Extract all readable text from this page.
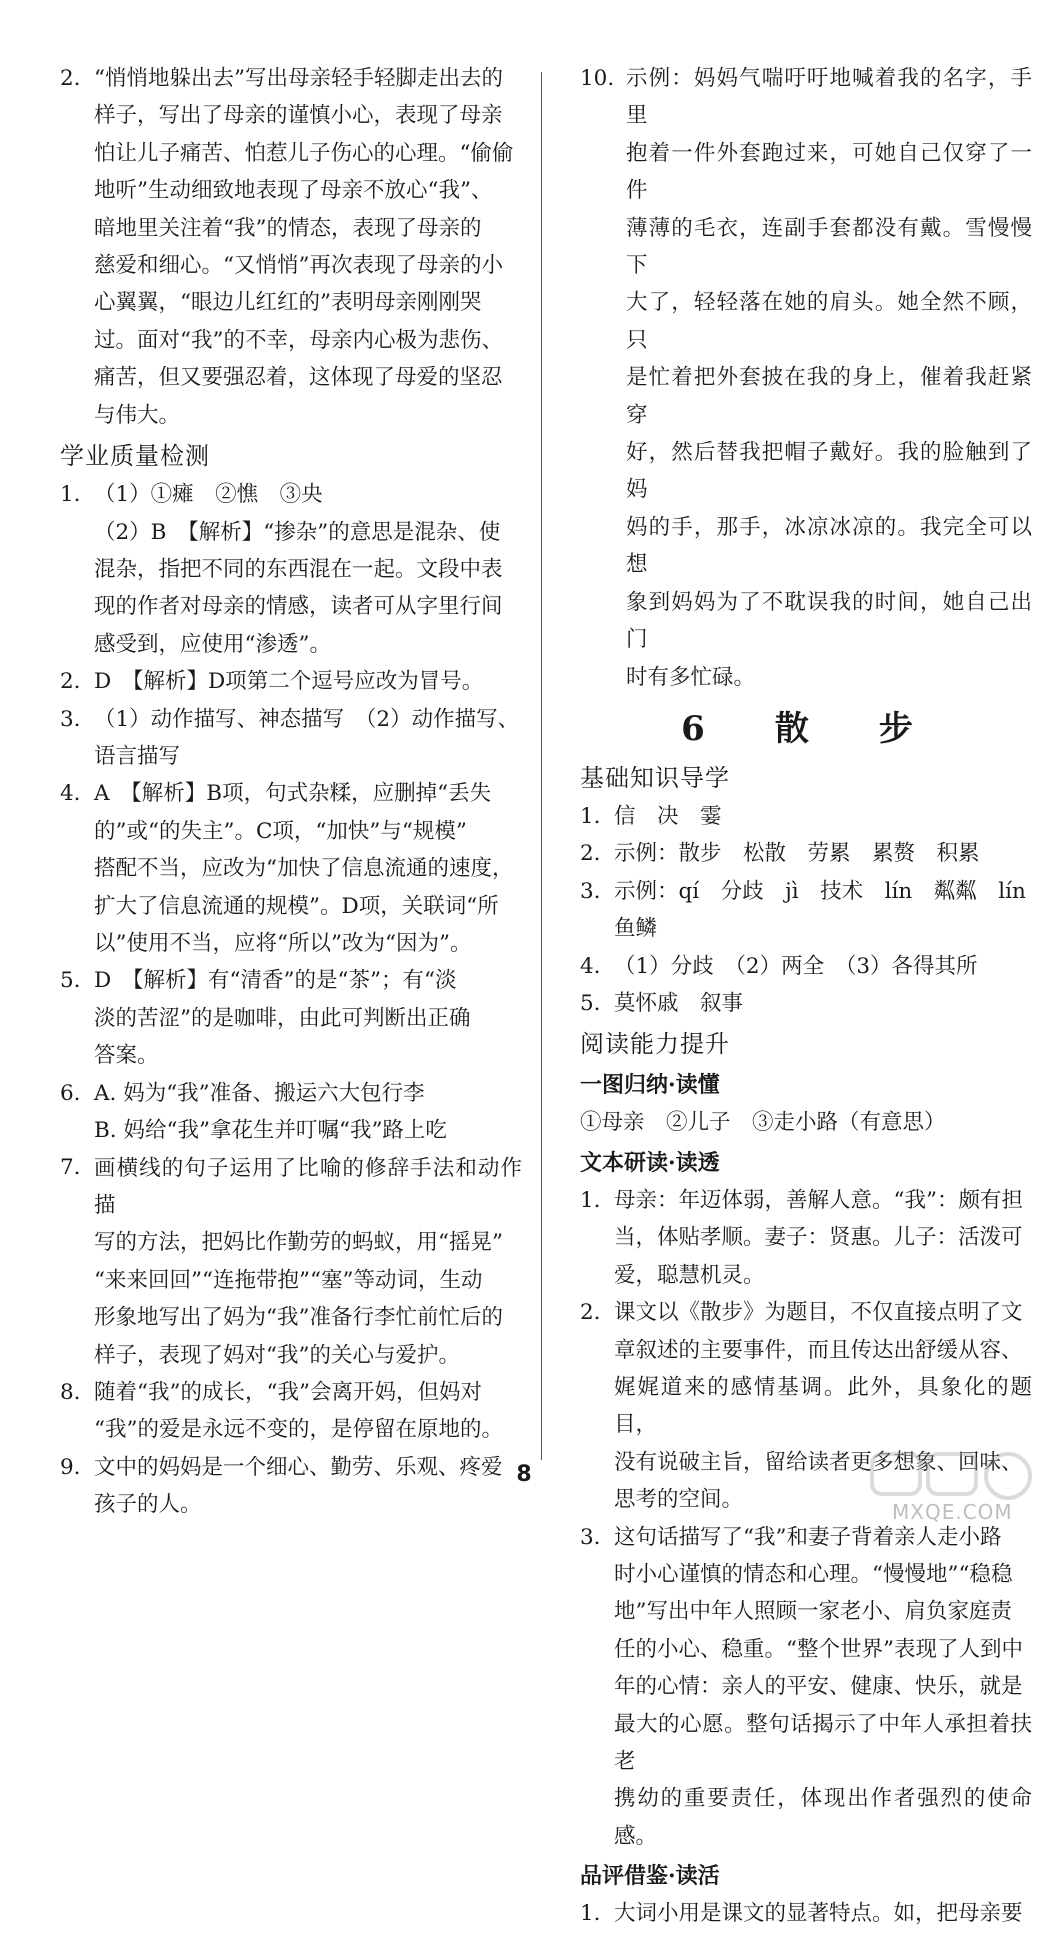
2. “悄悄地躲出去”写出母亲轻手轻脚走出去的
样子，写出了母亲的谨慎小心，表现了母亲
怕让儿子痛苦、怕惹儿子伤心的心理。“偷偷
地听”生动细致地表现了母亲不放心“我”、
暗地里关注着“我”的情态，表现了母亲的
慈爱和细心。“又悄悄”再次表现了母亲的小
心翼翼，“眼边儿红红的”表明母亲刚刚哭
过。面对“我”的不幸，母亲内心极为悲伤、
痛苦，但又要强忍着，这体现了母爱的坚忍
与伟大。
学业质量检测
1. （1）①瘫　②憔　③央
（2）B　【解析】“掺杂”的意思是混杂、使
混杂，指把不同的东西混在一起。文段中表
现的作者对母亲的情感，读者可从字里行间
感受到，应使用“渗透”。
2. D　【解析】D项第二个逗号应改为冒号。
3. （1）动作描写、神态描写　（2）动作描写、
语言描写
4. A　【解析】B项，句式杂糅，应删掉“丢失
的”或“的失主”。C项，“加快”与“规模”
搭配不当，应改为“加快了信息流通的速度，
扩大了信息流通的规模”。D项，关联词“所
以”使用不当，应将“所以”改为“因为”。
5. D　【解析】有“清香”的是“茶”；有“淡
淡的苦涩”的是咖啡，由此可判断出正确
答案。
6. A. 妈为“我”准备、搬运六大包行李
B. 妈给“我”拿花生并叮嘱“我”路上吃
7. 画横线的句子运用了比喻的修辞手法和动作描
写的方法，把妈比作勤劳的蚂蚁，用“摇晃”
“来来回回”“连拖带抱”“塞”等动词，生动
形象地写出了妈为“我”准备行李忙前忙后的
样子，表现了妈对“我”的关心与爱护。
8. 随着“我”的成长，“我”会离开妈，但妈对
“我”的爱是永远不变的，是停留在原地的。
9. 文中的妈妈是一个细心、勤劳、乐观、疼爱
孩子的人。
10. 示例：妈妈气喘吁吁地喊着我的名字，手里
抱着一件外套跑过来，可她自己仅穿了一件
薄薄的毛衣，连副手套都没有戴。雪慢慢下
大了，轻轻落在她的肩头。她全然不顾，只
是忙着把外套披在我的身上，催着我赶紧穿
好，然后替我把帽子戴好。我的脸触到了妈
妈的手，那手，冰凉冰凉的。我完全可以想
象到妈妈为了不耽误我的时间，她自己出门
时有多忙碌。
6　散　步
基础知识导学
1. 信　决　霎
2. 示例：散步　松散　劳累　累赘　积累
3. 示例：qí　分歧　jì　技术　lín　粼粼　lín
鱼鳞
4. （1）分歧　（2）两全　（3）各得其所
5. 莫怀戚　叙事
阅读能力提升
一图归纳·读懂

①母亲　②儿子　③走小路（有意思）

文本研读·读透
1. 母亲：年迈体弱，善解人意。“我”：颇有担
当，体贴孝顺。妻子：贤惠。儿子：活泼可
爱，聪慧机灵。
2. 课文以《散步》为题目，不仅直接点明了文
章叙述的主要事件，而且传达出舒缓从容、
娓娓道来的感情基调。此外，具象化的题目，
没有说破主旨，留给读者更多想象、回味、
思考的空间。
3. 这句话描写了“我”和妻子背着亲人走小路
时小心谨慎的情态和心理。“慢慢地”“稳稳
地”写出中年人照顾一家老小、肩负家庭责
任的小心、稳重。“整个世界”表现了人到中
年的心情：亲人的平安、健康、快乐，就是
最大的心愿。整句话揭示了中年人承担着扶老
携幼的重要责任，体现出作者强烈的使命感。
品评借鉴·读活
1. 大词小用是课文的显著特点。如，把母亲要
8
MXQE.COM
